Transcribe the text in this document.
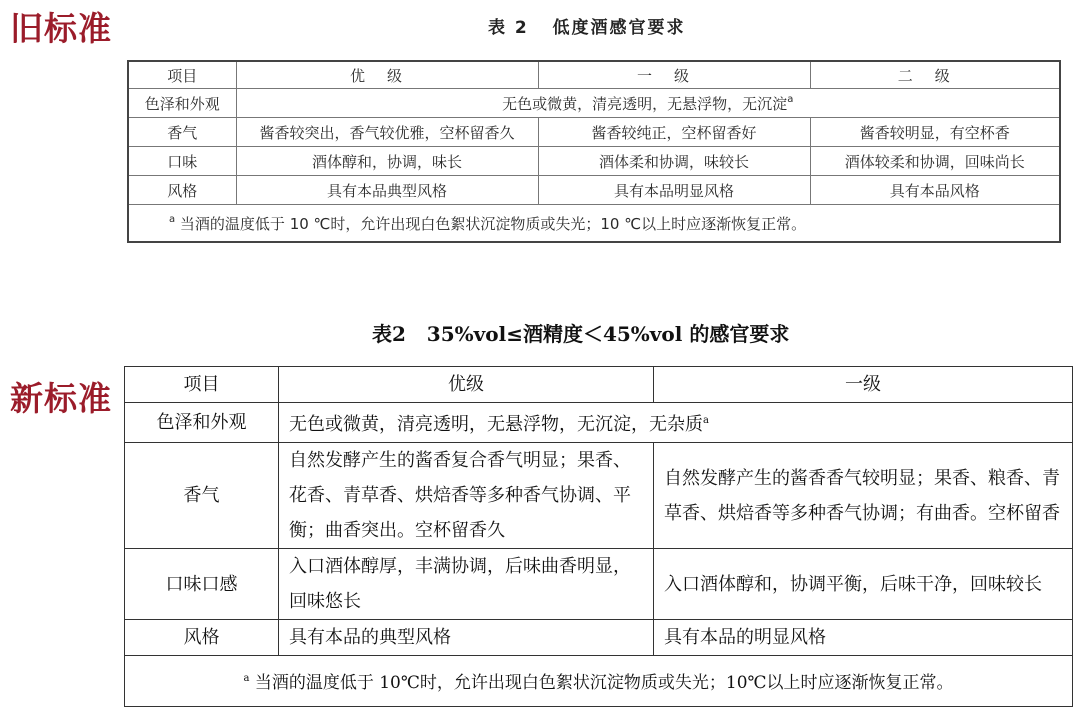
旧标准	表 2   低度酒感官要求
项目	优级	一级	二级
色泽和外观	无色或微黄，清亮透明，无悬浮物，无沉淀$^a$
香气	酱香较突出，香气较优雅，空杯留香久	酱香较纯正，空杯留香好	酱香较明显，有空杯香
口味	酒体醇和，协调，味长	酒体柔和协调，味较长	酒体较柔和协调，回味尚长
风格	具有本品典型风格	具有本品明显风格	具有本品风格
$^a$ 当酒的温度低于 10 ℃时，允许出现白色絮状沉淀物质或失光；10 ℃以上时应逐渐恢复正常。			
表2   35%vol≤酒精度＜45%vol 的感官要求
新标准	项目	优级	一级
色泽和外观	无色或微黄，清亮透明，无悬浮物，无沉淀，无杂质$^a$
香气	自然发酵产生的酱香复合香气明显；果香、花香、青草香、烘焙香等多种香气协调、平衡；曲香突出。空杯留香久	自然发酵产生的酱香香气较明显；果香、粮香、青草香、烘焙香等多种香气协调；有曲香。空杯留香
口味口感	入口酒体醇厚，丰满协调，后味曲香明显，回味悠长	入口酒体醇和，协调平衡，后味干净，回味较长
风格	具有本品的典型风格	具有本品的明显风格
$^a$ 当酒的温度低于 10℃时，允许出现白色絮状沉淀物质或失光；10℃以上时应逐渐恢复正常。		
